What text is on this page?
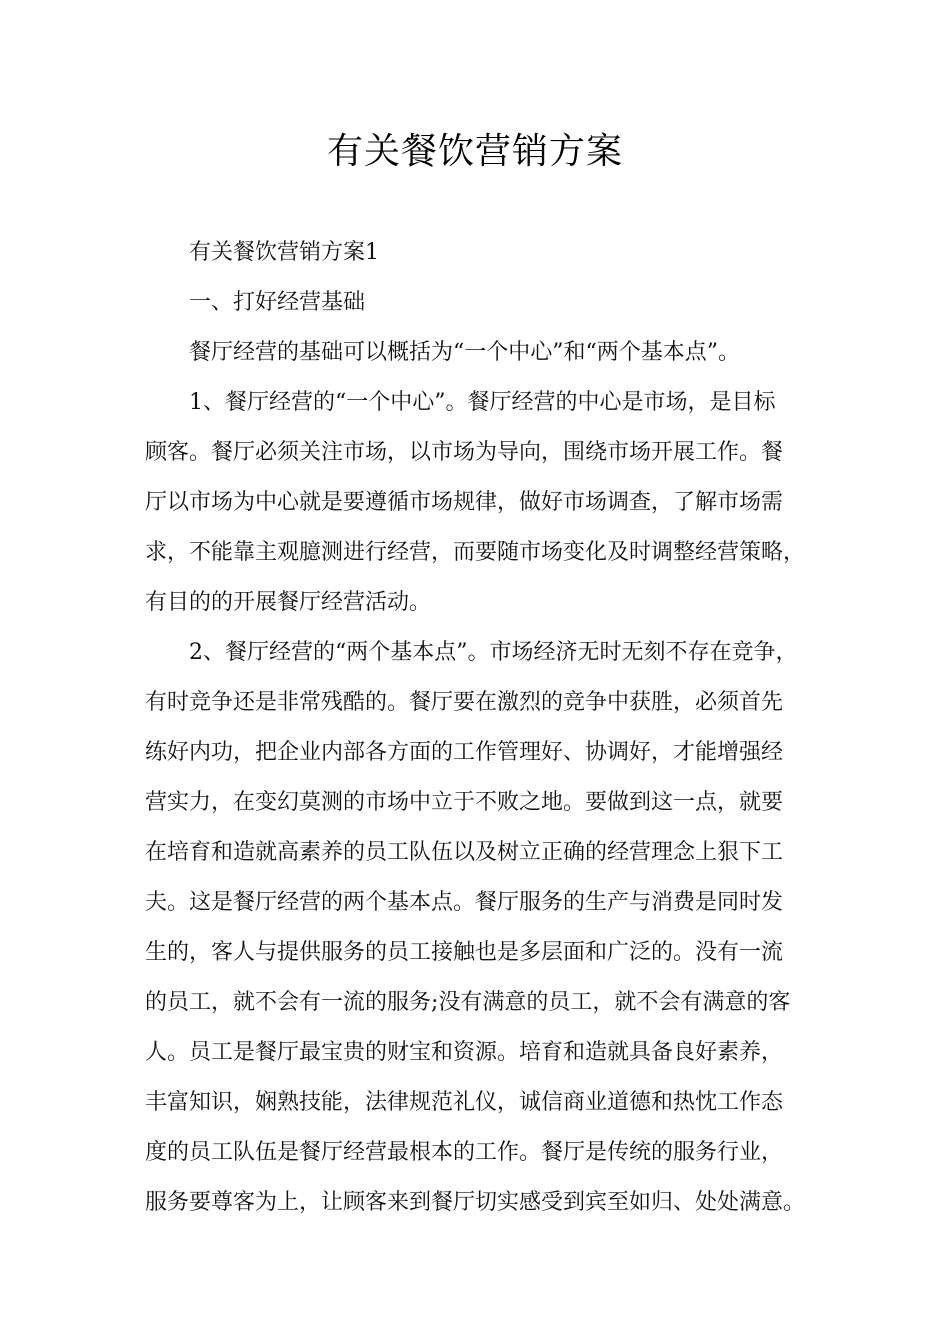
有关餐饮营销方案
有关餐饮营销方案1
一、打好经营基础
餐厅经营的基础可以概括为“一个中心”和“两个基本点”。
1、餐厅经营的“一个中心”。餐厅经营的中心是市场，是目标
顾客。餐厅必须关注市场，以市场为导向，围绕市场开展工作。餐
厅以市场为中心就是要遵循市场规律，做好市场调查，了解市场需
求，不能靠主观臆测进行经营，而要随市场变化及时调整经营策略，
有目的的开展餐厅经营活动。
2、餐厅经营的“两个基本点”。市场经济无时无刻不存在竞争，
有时竞争还是非常残酷的。餐厅要在激烈的竞争中获胜，必须首先
练好内功，把企业内部各方面的工作管理好、协调好，才能增强经
营实力，在变幻莫测的市场中立于不败之地。要做到这一点，就要
在培育和造就高素养的员工队伍以及树立正确的经营理念上狠下工
夫。这是餐厅经营的两个基本点。餐厅服务的生产与消费是同时发
生的，客人与提供服务的员工接触也是多层面和广泛的。没有一流
的员工，就不会有一流的服务;没有满意的员工，就不会有满意的客
人。员工是餐厅最宝贵的财宝和资源。培育和造就具备良好素养，
丰富知识，娴熟技能，法律规范礼仪，诚信商业道德和热忱工作态
度的员工队伍是餐厅经营最根本的工作。餐厅是传统的服务行业，
服务要尊客为上，让顾客来到餐厅切实感受到宾至如归、处处满意。
